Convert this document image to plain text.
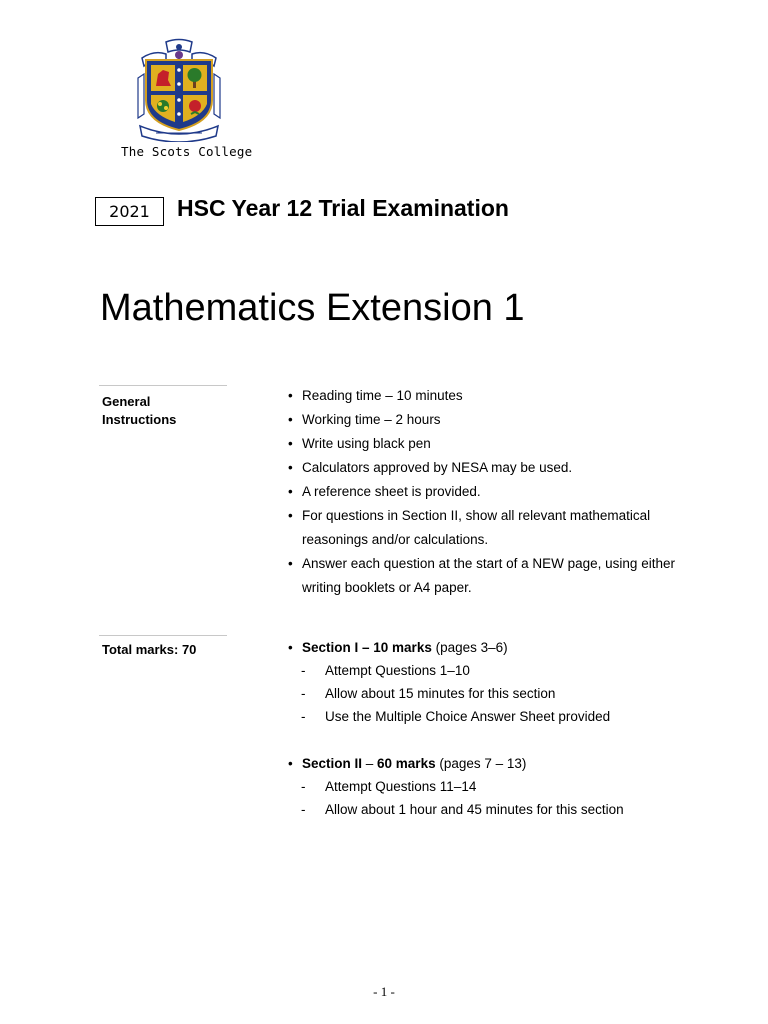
The Scots College
2021	HSC Year 12 Trial Examination
Mathematics Extension 1
General
Instructions
• Reading time – 10 minutes
• Working time – 2 hours
• Write using black pen
• Calculators approved by NESA may be used.
• A reference sheet is provided.
• For questions in Section II, show all relevant mathematical reasonings and/or calculations.
• Answer each question at the start of a NEW page, using either writing booklets or A4 paper.
Total marks: 70	• Section I – 10 marks (pages 3–6)
-	Attempt Questions 1–10
-	Allow about 15 minutes for this section
-	Use the Multiple Choice Answer Sheet provided
• Section II – 60 marks (pages 7 – 13)
-	Attempt Questions 11–14
-	Allow about 1 hour and 45 minutes for this section
- 1 -
